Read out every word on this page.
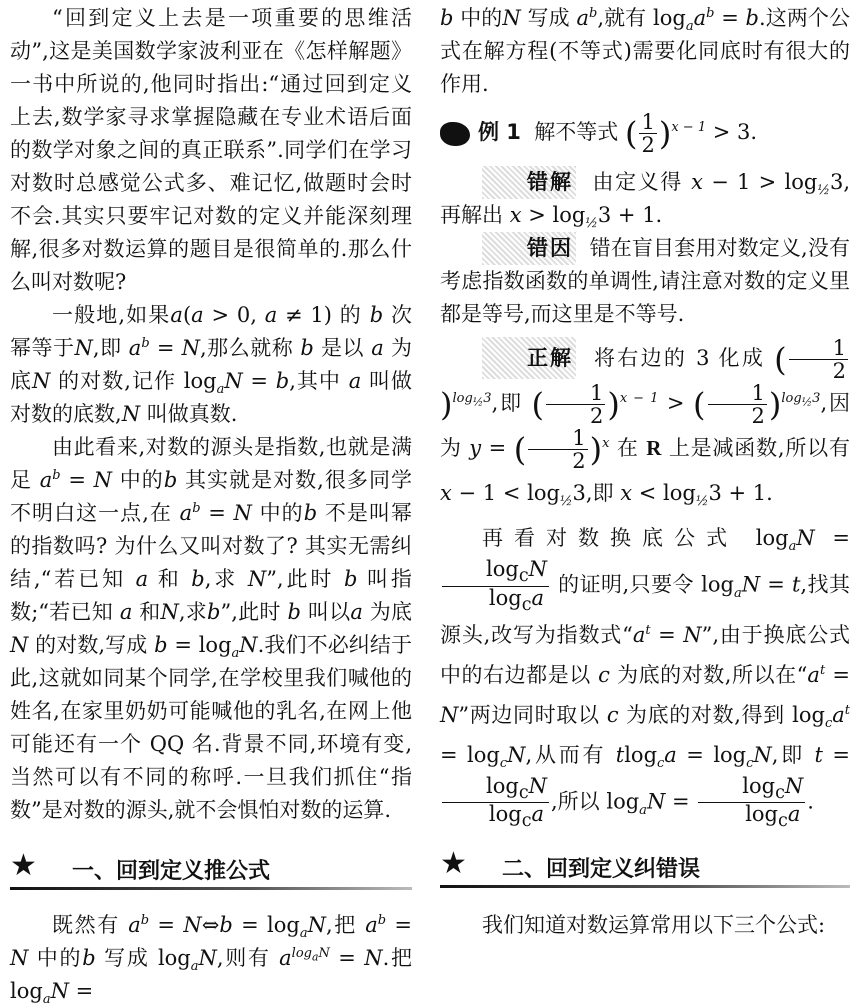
“回到定义上去是一项重要的思维活动”,这是美国数学家波利亚在《怎样解题》一书中所说的,他同时指出:“通过回到定义上去,数学家寻求掌握隐藏在专业术语后面的数学对象之间的真正联系”.同学们在学习对数时总感觉公式多、难记忆,做题时会时不会.其实只要牢记对数的定义并能深刻理解,很多对数运算的题目是很简单的.那么什么叫对数呢?

一般地,如果a(a > 0, a ≠ 1) 的 b 次幂等于N,即 $a^b = N$,那么就称 b 是以 a 为底N 的对数,记作 $\log_aN = b$,其中 a 叫做对数的底数,N 叫做真数.

由此看来,对数的源头是指数,也就是满足 $a^b = N$ 中的b 其实就是对数,很多同学不明白这一点,在 $a^b = N$ 中的b 不是叫幂的指数吗? 为什么又叫对数了? 其实无需纠结,“若已知 a 和 b,求 N”,此时 b 叫指数;“若已知 a 和N,求b”,此时 b 叫以a 为底N 的对数,写成 $b = \log_aN$.我们不必纠结于此,这就如同某个同学,在学校里我们喊他的姓名,在家里奶奶可能喊他的乳名,在网上他可能还有一个 QQ 名.背景不同,环境有变,当然可以有不同的称呼.一旦我们抓住“指数”是对数的源头,就不会惧怕对数的运算.

★ 一、回到定义推公式

既然有 $a^b$ = N⇔b = $\log_aN$,把 $a^b = N$ 中的b 写成 $\log_aN$,则有 $a^{log_aN} = N$.把 $\log_aN$ =

b 中的N 写成 $a^b$,就有 $\log_aa^b = b$.这两个公式在解方程(不等式)需要化同底时有很大的作用.

例 1 解不等式 ( $\frac{1}{2} )^{x - 1} > 3$.

错解 由定义得 $x - 1 > \log_{\frac{1}{2}}3$,再解出 $x > \log_{\frac{1}{2}}3 + 1$.

错因 错在盲目套用对数定义,没有考虑指数函数的单调性,请注意对数的定义里都是等号,而这里是不等号.

正解 将右边的 3 化成 ( $\frac{1}{2}$
)$^{log_{\frac{1}{2}}3}$,即 ( $\frac{1}{2} )^{x - 1}$ > ( $\frac{1}{2} )^{log_{\frac{1}{2}}3}$,因为 y = ( $\frac{1}{2} )^x$ 在 R 上是减函数,所以有 $x - 1 < \log_{\frac{1}{2}}3$,即 $x < \log_{\frac{1}{2}}3 + 1$.

再看对数换底公式 $\log_aN$ =
$\frac{\log_cN}{\log_ca}$ 的证明,只要令 $\log_aN = t$,找其源头,改写为指数式“$a^t = N$”,由于换底公式中的右边都是以 c 为底的对数,所以在“$a^t = N$”两边同时取以 c 为底的对数,得到 $\log_ca^t = \log_cN$,从而有 $tlog_ca = \log_cN$,即 t =
$\frac{\log_cN}{\log_ca}$ ,所以 $\log_aN = \frac{\log_cN}{\log_ca}$ .

★ 二、回到定义纠错误

我们知道对数运算常用以下三个公式:
